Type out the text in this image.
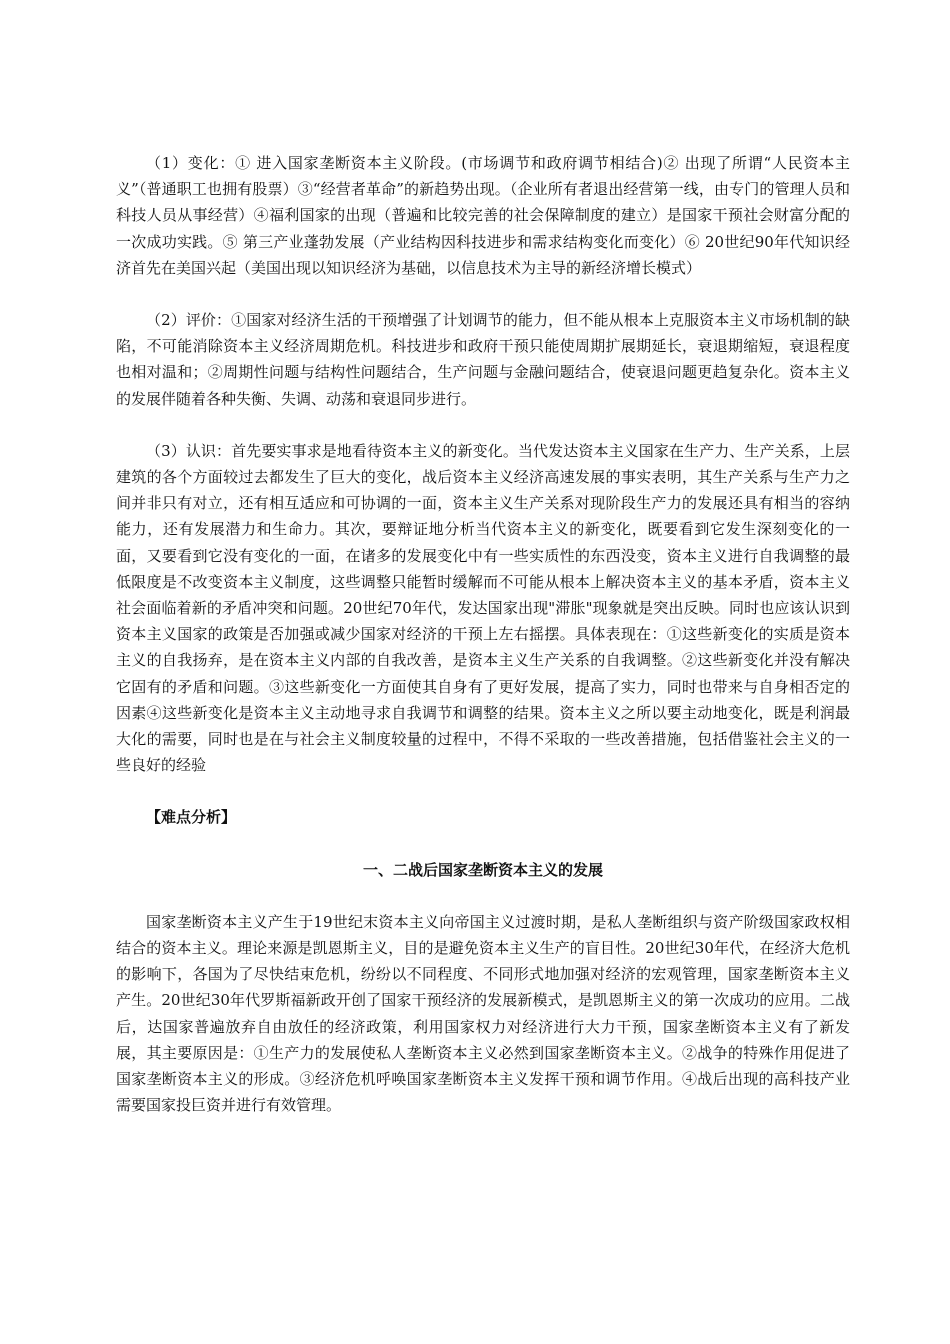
（1）变化：① 进入国家垄断资本主义阶段。(市场调节和政府调节相结合)② 出现了所谓“人民资本主义”（普通职工也拥有股票）③“经营者革命”的新趋势出现。（企业所有者退出经营第一线，由专门的管理人员和科技人员从事经营）④福利国家的出现（普遍和比较完善的社会保障制度的建立）是国家干预社会财富分配的一次成功实践。⑤ 第三产业蓬勃发展（产业结构因科技进步和需求结构变化而变化）⑥ 20世纪90年代知识经济首先在美国兴起（美国出现以知识经济为基础，以信息技术为主导的新经济增长模式）

（2）评价：①国家对经济生活的干预增强了计划调节的能力，但不能从根本上克服资本主义市场机制的缺陷，不可能消除资本主义经济周期危机。科技进步和政府干预只能使周期扩展期延长，衰退期缩短，衰退程度也相对温和；②周期性问题与结构性问题结合，生产问题与金融问题结合，使衰退问题更趋复杂化。资本主义的发展伴随着各种失衡、失调、动荡和衰退同步进行。

（3）认识：首先要实事求是地看待资本主义的新变化。当代发达资本主义国家在生产力、生产关系，上层建筑的各个方面较过去都发生了巨大的变化，战后资本主义经济高速发展的事实表明，其生产关系与生产力之间并非只有对立，还有相互适应和可协调的一面，资本主义生产关系对现阶段生产力的发展还具有相当的容纳能力，还有发展潜力和生命力。其次，要辩证地分析当代资本主义的新变化，既要看到它发生深刻变化的一面，又要看到它没有变化的一面，在诸多的发展变化中有一些实质性的东西没变，资本主义进行自我调整的最低限度是不改变资本主义制度，这些调整只能暂时缓解而不可能从根本上解决资本主义的基本矛盾，资本主义社会面临着新的矛盾冲突和问题。20世纪70年代，发达国家出现"滞胀"现象就是突出反映。同时也应该认识到资本主义国家的政策是否加强或减少国家对经济的干预上左右摇摆。具体表现在：①这些新变化的实质是资本主义的自我扬弃，是在资本主义内部的自我改善，是资本主义生产关系的自我调整。②这些新变化并没有解决它固有的矛盾和问题。③这些新变化一方面使其自身有了更好发展，提高了实力，同时也带来与自身相否定的因素④这些新变化是资本主义主动地寻求自我调节和调整的结果。资本主义之所以要主动地变化，既是利润最大化的需要，同时也是在与社会主义制度较量的过程中，不得不采取的一些改善措施，包括借鉴社会主义的一些良好的经验

【难点分析】

一、二战后国家垄断资本主义的发展

国家垄断资本主义产生于19世纪末资本主义向帝国主义过渡时期，是私人垄断组织与资产阶级国家政权相结合的资本主义。理论来源是凯恩斯主义，目的是避免资本主义生产的盲目性。20世纪30年代，在经济大危机的影响下，各国为了尽快结束危机，纷纷以不同程度、不同形式地加强对经济的宏观管理，国家垄断资本主义产生。20世纪30年代罗斯福新政开创了国家干预经济的发展新模式，是凯恩斯主义的第一次成功的应用。二战后，达国家普遍放弃自由放任的经济政策，利用国家权力对经济进行大力干预，国家垄断资本主义有了新发展，其主要原因是：①生产力的发展使私人垄断资本主义必然到国家垄断资本主义。②战争的特殊作用促进了国家垄断资本主义的形成。③经济危机呼唤国家垄断资本主义发挥干预和调节作用。④战后出现的高科技产业需要国家投巨资并进行有效管理。
